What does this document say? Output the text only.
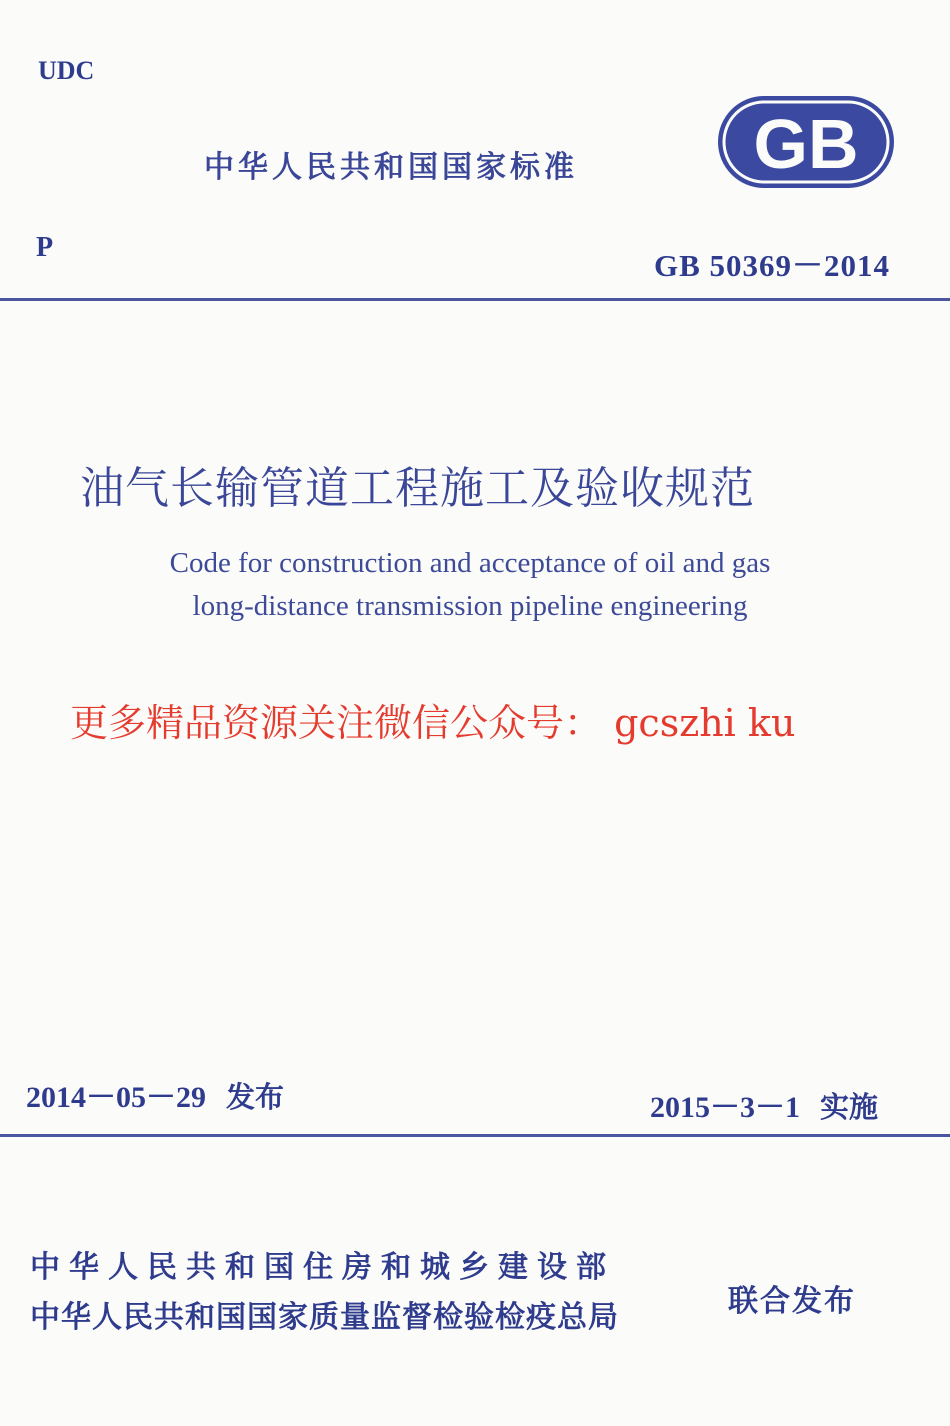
UDC
中华人民共和国国家标准	GB
P
GB 50369－2014
油气长输管道工程施工及验收规范
Code for construction and acceptance of oil and gas
long-distance transmission pipeline engineering
更多精品资源关注微信公众号： gcszhi ku
2014－05－29 发布	2015－3－1 实施
中华人民共和国住房和城乡建设部
中华人民共和国国家质量监督检验检疫总局	联合发布
